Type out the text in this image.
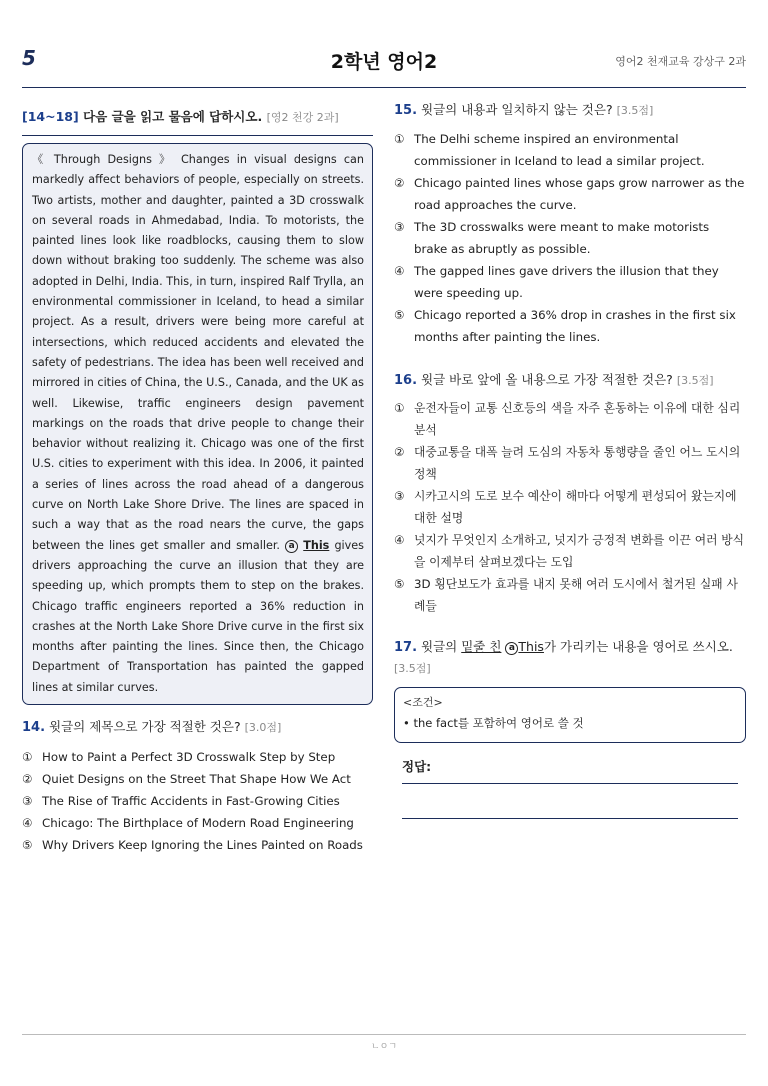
5	2학년 영어2	영어2 천재교육 강상구 2과
[14~18] 다음 글을 읽고 물음에 답하시오. [영2 천강 2과]
《 Through Designs 》 Changes in visual designs can markedly affect behaviors of people, especially on streets. Two artists, mother and daughter, painted a 3D crosswalk on several roads in Ahmedabad, India. To motorists, the painted lines look like roadblocks, causing them to slow down without braking too suddenly. The scheme was also adopted in Delhi, India. This, in turn, inspired Ralf Trylla, an environmental commissioner in Iceland, to head a similar project. As a result, drivers were being more careful at intersections, which reduced accidents and elevated the safety of pedestrians. The idea has been well received and mirrored in cities of China, the U.S., Canada, and the UK as well. Likewise, traffic engineers design pavement markings on the roads that drive people to change their behavior without realizing it. Chicago was one of the first U.S. cities to experiment with this idea. In 2006, it painted a series of lines across the road ahead of a dangerous curve on North Lake Shore Drive. The lines are spaced in such a way that as the road nears the curve, the gaps between the lines get smaller and smaller. a This gives drivers approaching the curve an illusion that they are speeding up, which prompts them to step on the brakes. Chicago traffic engineers reported a 36% reduction in crashes at the North Lake Shore Drive curve in the first six months after painting the lines. Since then, the Chicago Department of Transportation has painted the gapped lines at similar curves.
14. 윗글의 제목으로 가장 적절한 것은? [3.0점]
① How to Paint a Perfect 3D Crosswalk Step by Step
② Quiet Designs on the Street That Shape How We Act
③ The Rise of Traffic Accidents in Fast-Growing Cities
④ Chicago: The Birthplace of Modern Road Engineering
⑤ Why Drivers Keep Ignoring the Lines Painted on Roads
15. 윗글의 내용과 일치하지 않는 것은? [3.5점]
① The Delhi scheme inspired an environmental commissioner in Iceland to lead a similar project.
② Chicago painted lines whose gaps grow narrower as the road approaches the curve.
③ The 3D crosswalks were meant to make motorists brake as abruptly as possible.
④ The gapped lines gave drivers the illusion that they were speeding up.
⑤ Chicago reported a 36% drop in crashes in the first six months after painting the lines.
16. 윗글 바로 앞에 올 내용으로 가장 적절한 것은? [3.5점]
① 운전자들이 교통 신호등의 색을 자주 혼동하는 이유에 대한 심리 분석
② 대중교통을 대폭 늘려 도심의 자동차 통행량을 줄인 어느 도시의 정책
③ 시카고시의 도로 보수 예산이 해마다 어떻게 편성되어 왔는지에 대한 설명
④ 넛지가 무엇인지 소개하고, 넛지가 긍정적 변화를 이끈 여러 방식을 이제부터 살펴보겠다는 도입
⑤ 3D 횡단보도가 효과를 내지 못해 여러 도시에서 철거된 실패 사례들
17. 윗글의 밑줄 친 a This가 가리키는 내용을 영어로 쓰시오. [3.5점]
<조건>
• the fact를 포함하여 영어로 쓸 것
정답:
ㄴㅇㄱ
